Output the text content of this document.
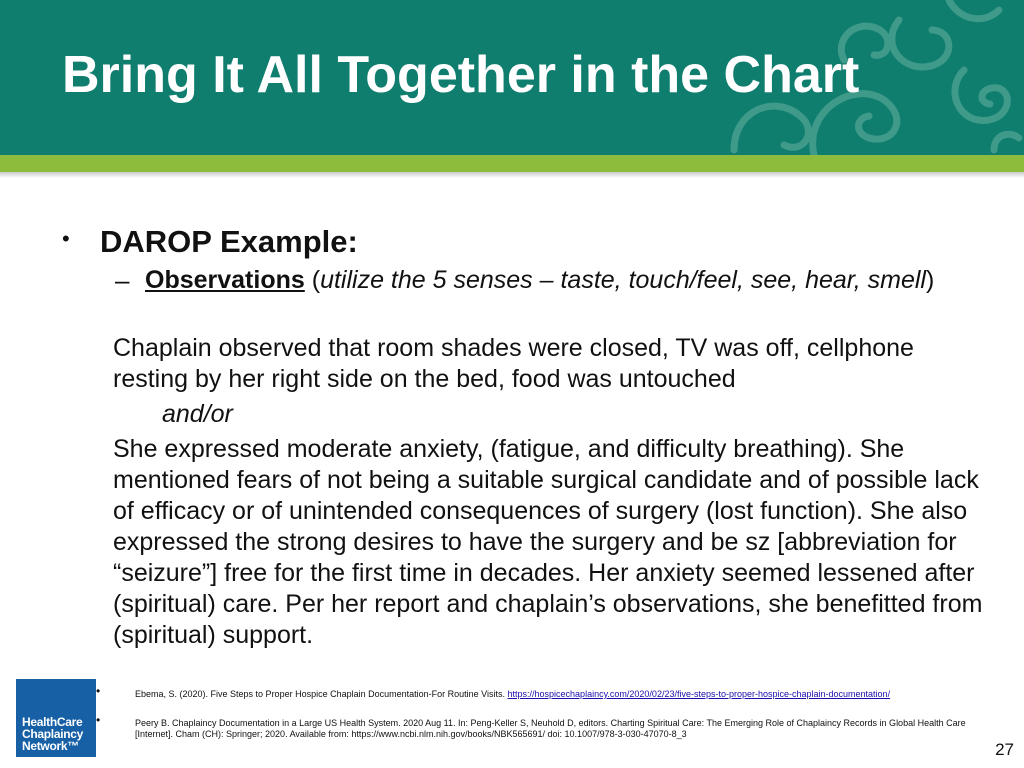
Bring It All Together in the Chart
• DAROP Example:
– Observations (utilize the 5 senses – taste, touch/feel, see, hear, smell)

Chaplain observed that room shades were closed, TV was off, cellphone resting by her right side on the bed, food was untouched

and/or

She expressed moderate anxiety, (fatigue, and difficulty breathing). She mentioned fears of not being a suitable surgical candidate and of possible lack of efficacy or of unintended consequences of surgery (lost function). She also expressed the strong desires to have the surgery and be sz [abbreviation for “seizure”] free for the first time in decades. Her anxiety seemed lessened after (spiritual) care. Per her report and chaplain’s observations, she benefitted from (spiritual) support.

HealthCare
Chaplaincy
Network™
•	Ebema, S. (2020). Five Steps to Proper Hospice Chaplain Documentation-For Routine Visits. https://hospicechaplaincy.com/2020/02/23/five-steps-to-proper-hospice-chaplain-documentation/

•	Peery B. Chaplaincy Documentation in a Large US Health System. 2020 Aug 11. In: Peng-Keller S, Neuhold D, editors. Charting Spiritual Care: The Emerging Role of Chaplaincy Records in Global Health Care [Internet]. Cham (CH): Springer; 2020. Available from: https://www.ncbi.nlm.nih.gov/books/NBK565691/ doi: 10.1007/978-3-030-47070-8_3

27
